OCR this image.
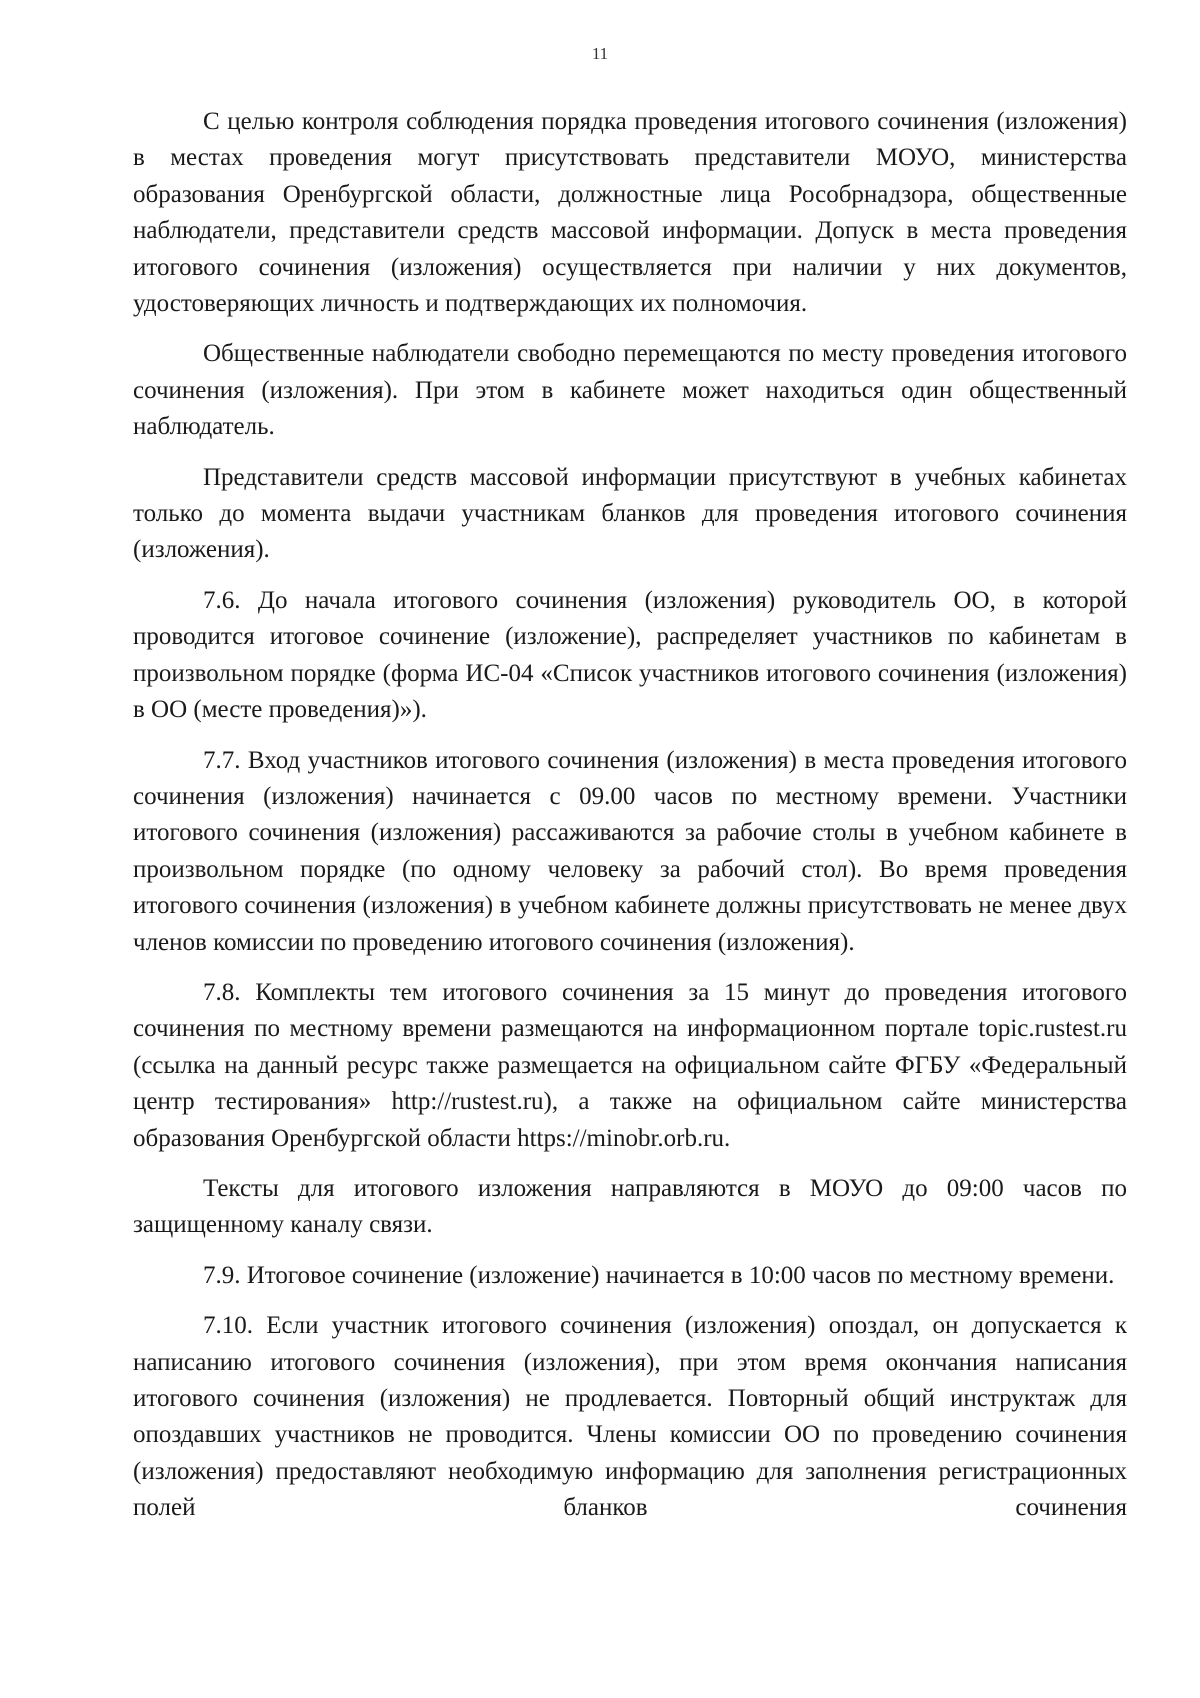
11

С целью контроля соблюдения порядка проведения итогового сочинения (изложения) в местах проведения могут присутствовать представители МОУО, министерства образования Оренбургской области, должностные лица Рособрнадзора, общественные наблюдатели, представители средств массовой информации. Допуск в места проведения итогового сочинения (изложения) осуществляется при наличии у них документов, удостоверяющих личность и подтверждающих их полномочия.

Общественные наблюдатели свободно перемещаются по месту проведения итогового сочинения (изложения). При этом в кабинете может находиться один общественный наблюдатель.

Представители средств массовой информации присутствуют в учебных кабинетах только до момента выдачи участникам бланков для проведения итогового сочинения (изложения).

7.6. До начала итогового сочинения (изложения) руководитель ОО, в которой проводится итоговое сочинение (изложение), распределяет участников по кабинетам в произвольном порядке (форма ИС-04 «Список участников итогового сочинения (изложения) в ОО (месте проведения)»).

7.7. Вход участников итогового сочинения (изложения) в места проведения итогового сочинения (изложения) начинается с 09.00 часов по местному времени. Участники итогового сочинения (изложения) рассаживаются за рабочие столы в учебном кабинете в произвольном порядке (по одному человеку за рабочий стол). Во время проведения итогового сочинения (изложения) в учебном кабинете должны присутствовать не менее двух членов комиссии по проведению итогового сочинения (изложения).

7.8. Комплекты тем итогового сочинения за 15 минут до проведения итогового сочинения по местному времени размещаются на информационном портале topic.rustest.ru (ссылка на данный ресурс также размещается на официальном сайте ФГБУ «Федеральный центр тестирования» http://rustest.ru), а также на официальном сайте министерства образования Оренбургской области https://minobr.orb.ru.

Тексты для итогового изложения направляются в МОУО до 09:00 часов по защищенному каналу связи.

7.9. Итоговое сочинение (изложение) начинается в 10:00 часов по местному времени.

7.10. Если участник итогового сочинения (изложения) опоздал, он допускается к написанию итогового сочинения (изложения), при этом время окончания написания итогового сочинения (изложения) не продлевается. Повторный общий инструктаж для опоздавших участников не проводится. Члены комиссии ОО по проведению сочинения (изложения) предоставляют необходимую информацию для заполнения регистрационных полей бланков сочинения
